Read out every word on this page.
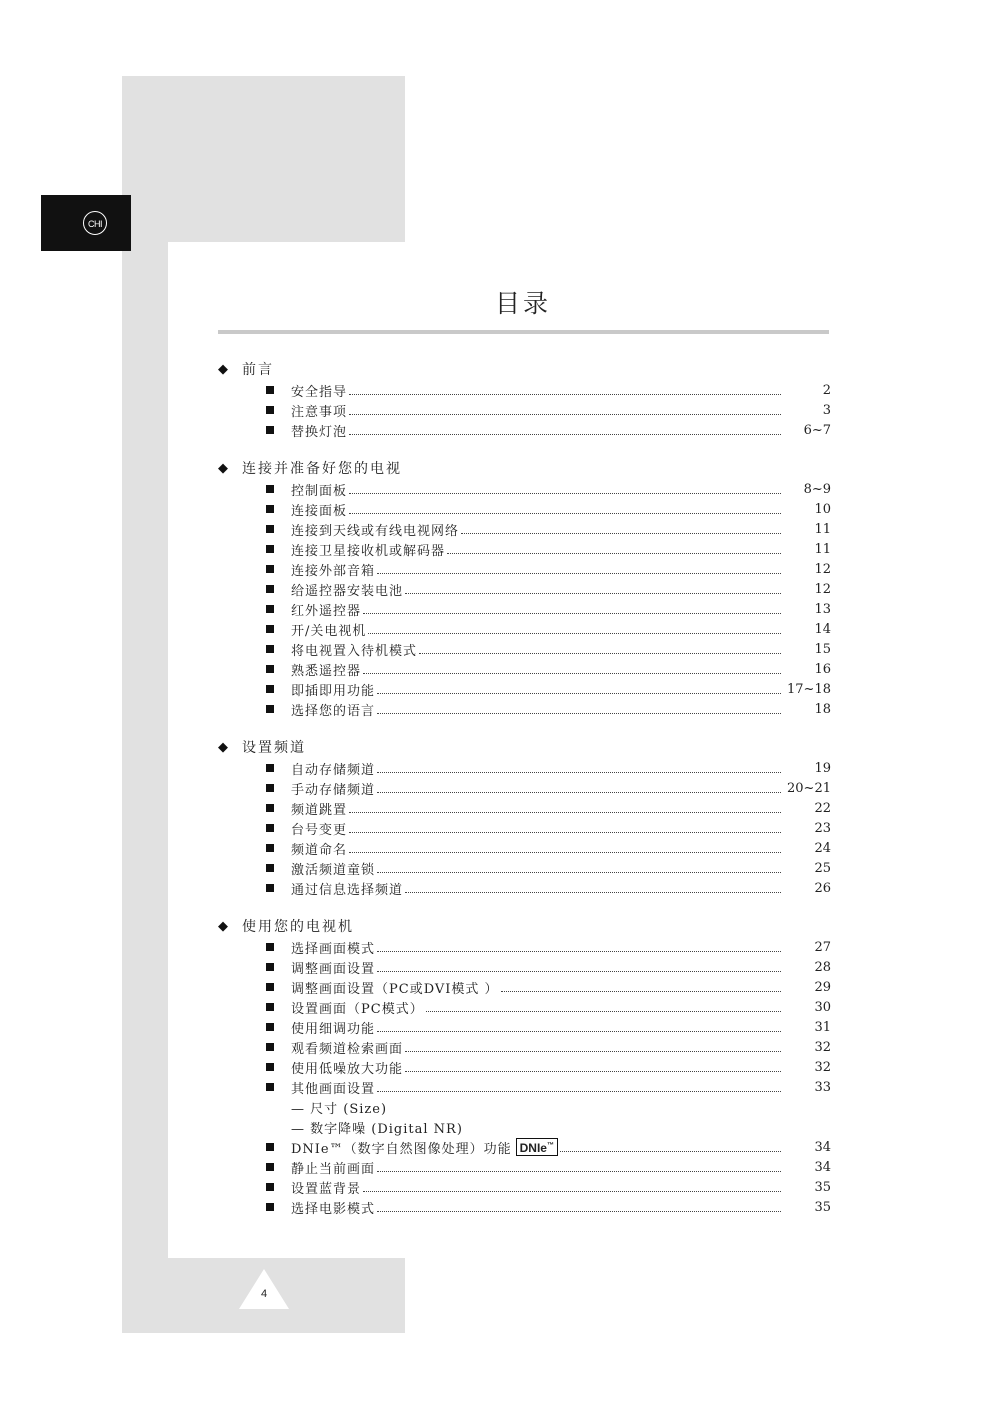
CHI
目录
◆ 前言
安全指导	2
注意事项	3
替换灯泡	6~7
◆ 连接并准备好您的电视
控制面板	8~9
连接面板	10
连接到天线或有线电视网络	11
连接卫星接收机或解码器	11
连接外部音箱	12
给遥控器安装电池	12
红外遥控器	13
开/关电视机	14
将电视置入待机模式	15
熟悉遥控器	16
即插即用功能	17~18
选择您的语言	18
◆ 设置频道
自动存储频道	19
手动存储频道	20~21
频道跳置	22
台号变更	23
频道命名	24
激活频道童锁	25
通过信息选择频道	26
◆ 使用您的电视机
选择画面模式	27
调整画面设置	28
调整画面设置（PC或DVI模式 ）	29
设置画面（PC模式）	30
使用细调功能	31
观看频道检索画面	32
使用低噪放大功能	32
其他画面设置	33
— 尺寸 (Size)
— 数字降噪 (Digital NR)
DNIe™（数字自然图像处理）功能 DNIe™	34
静止当前画面	34
设置蓝背景	35
选择电影模式	35
4
